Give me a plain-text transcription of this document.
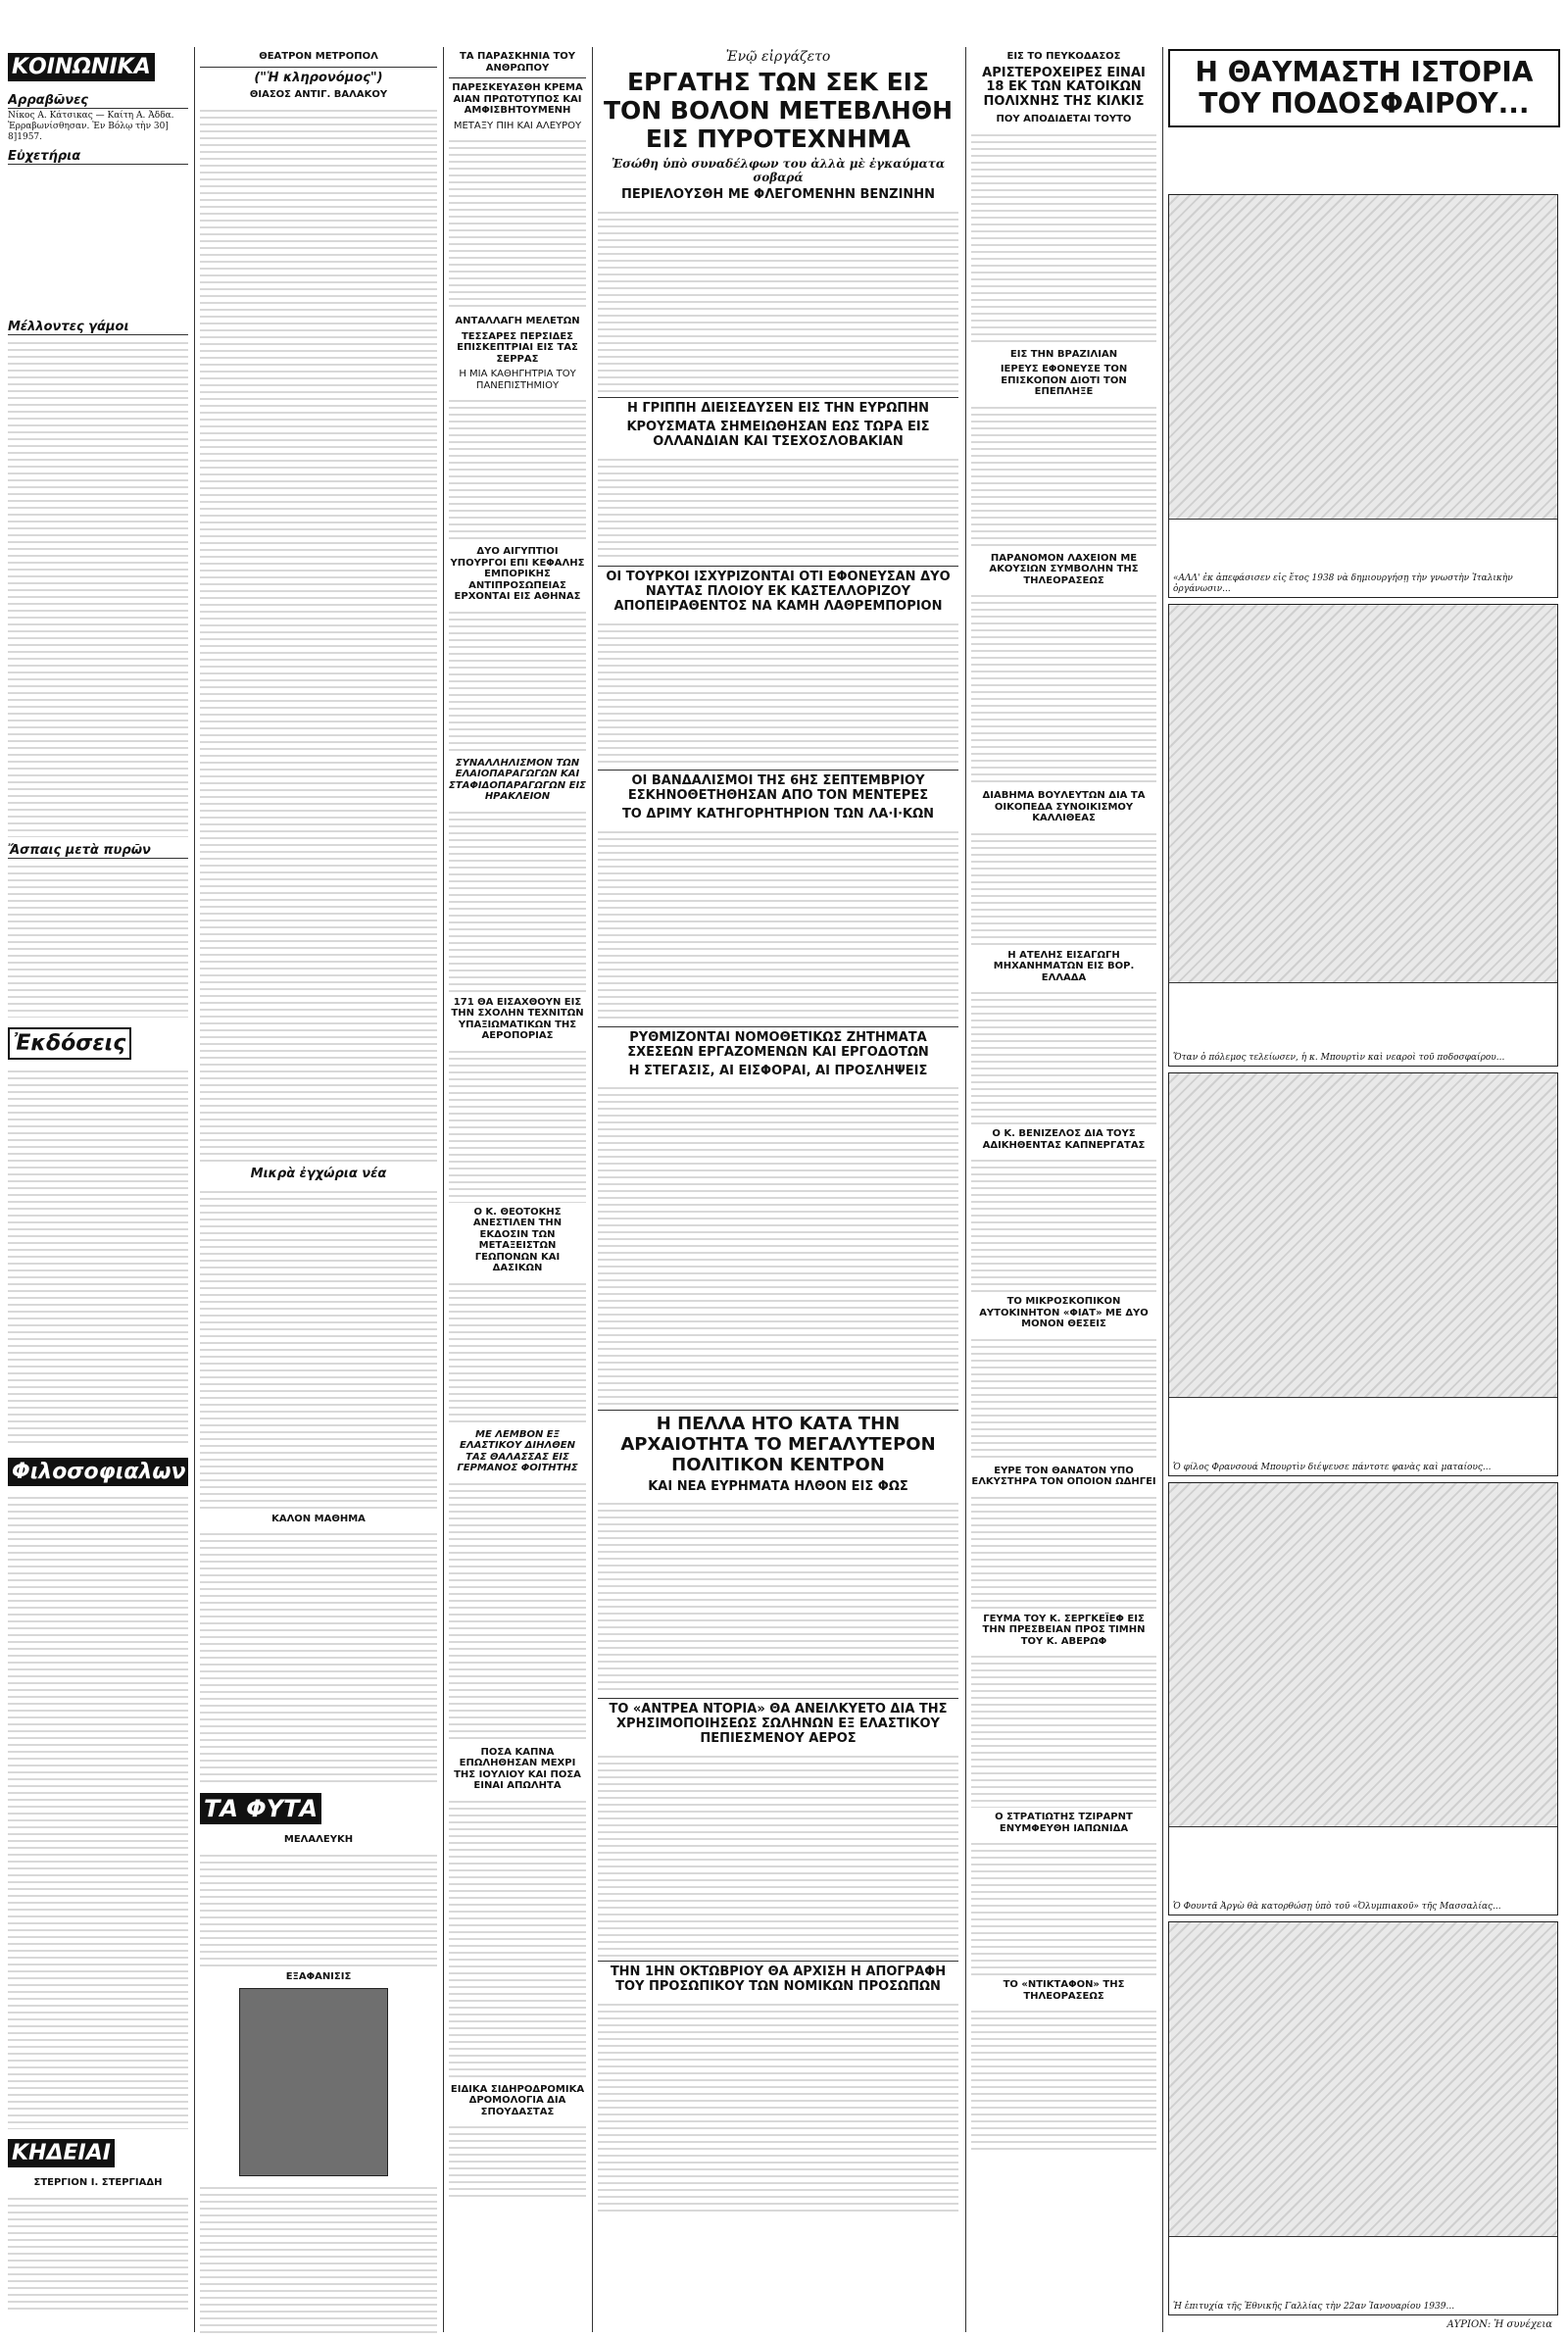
ΚΟΙΝΩΝΙΚΑ
Αρραβῶνες
Νίκος Α. Κάτσικας — Καίτη Α. Ἀδδα. Ἐρραβωνίσθησαν. Ἐν Βόλῳ τὴν 30] 8]1957.
Εὐχετήρια
Μέλλοντες γάμοι
Ἄσπαις μετὰ πυρῶν
Ἐκδόσεις
Φιλοσοφιαλων
ΚΗΔΕΙΑΙ
ΣΤΕΡΓΙΟΝ Ι. ΣΤΕΡΓΙΑΔΗ
ΘΕΑΤΡΟΝ ΜΕΤΡΟΠΟΛ
("Ἡ κληρονόμος")
ΘΙΑΣΟΣ ΑΝΤΙΓ. ΒΑΛΑΚΟΥ
Μικρὰ ἐγχώρια νέα
ΚΑΛΟΝ ΜΑΘΗΜΑ
ΤΑ ΦΥΤΑ
ΜΕΛΑΛΕΥΚΗ
ΕΞΑΦΑΝΙΣΙΣ
ΤΑ ΠΑΡΑΣΚΗΝΙΑ ΤΟΥ ΑΝΘΡΩΠΟΥ
ΠΑΡΕΣΚΕΥΑΣΘΗ ΚΡΕΜΑ ΑΙΑΝ ΠΡΩΤΟΤΥΠΟΣ ΚΑΙ ΑΜΦΙΣΒΗΤΟΥΜΕΝΗ
ΜΕΤΑΞΥ ΠΙΗ ΚΑΙ ΑΛΕΥΡΟΥ
ΑΝΤΑΛΛΑΓΗ ΜΕΛΕΤΩΝ
ΤΕΣΣΑΡΕΣ ΠΕΡΣΙΔΕΣ ΕΠΙΣΚΕΠΤΡΙΑΙ ΕΙΣ ΤΑΣ ΣΕΡΡΑΣ
Η ΜΙΑ ΚΑΘΗΓΗΤΡΙΑ ΤΟΥ ΠΑΝΕΠΙΣΤΗΜΙΟΥ
ΔΥΟ ΑΙΓΥΠΤΙΟΙ ΥΠΟΥΡΓΟΙ ΕΠΙ ΚΕΦΑΛΗΣ ΕΜΠΟΡΙΚΗΣ ΑΝΤΙΠΡΟΣΩΠΕΙΑΣ ΕΡΧΟΝΤΑΙ ΕΙΣ ΑΘΗΝΑΣ
ΣΥΝΑΛΛΗΛΙΣΜΟΝ ΤΩΝ ΕΛΑΙΟΠΑΡΑΓΩΓΩΝ ΚΑΙ ΣΤΑΦΙΔΟΠΑΡΑΓΩΓΩΝ ΕΙΣ ΗΡΑΚΛΕΙΟΝ
171 ΘΑ ΕΙΣΑΧΘΟΥΝ ΕΙΣ ΤΗΝ ΣΧΟΛΗΝ ΤΕΧΝΙΤΩΝ ΥΠΑΞΙΩΜΑΤΙΚΩΝ ΤΗΣ ΑΕΡΟΠΟΡΙΑΣ
Ο Κ. ΘΕΟΤΟΚΗΣ ΑΝΕΣΤΙΛΕΝ ΤΗΝ ΕΚΔΟΣΙΝ ΤΩΝ ΜΕΤΑΞΕΙΣΤΩΝ ΓΕΩΠΟΝΩΝ ΚΑΙ ΔΑΣΙΚΩΝ
ΜΕ ΛΕΜΒΟΝ ΕΞ ΕΛΑΣΤΙΚΟΥ ΔΙΗΛΘΕΝ ΤΑΣ ΘΑΛΑΣΣΑΣ ΕΙΣ ΓΕΡΜΑΝΟΣ ΦΟΙΤΗΤΗΣ
ΠΟΣΑ ΚΑΠΝΑ ΕΠΩΛΗΘΗΣΑΝ ΜΕΧΡΙ ΤΗΣ ΙΟΥΛΙΟΥ ΚΑΙ ΠΟΣΑ ΕΙΝΑΙ ΑΠΩΛΗΤΑ
ΕΙΔΙΚΑ ΣΙΔΗΡΟΔΡΟΜΙΚΑ ΔΡΟΜΟΛΟΓΙΑ ΔΙΑ ΣΠΟΥΔΑΣΤΑΣ
Ἐνῷ εἰργάζετο
ΕΡΓΑΤΗΣ ΤΩΝ ΣΕΚ ΕΙΣ ΤΟΝ ΒΟΛΟΝ ΜΕΤΕΒΛΗΘΗ ΕΙΣ ΠΥΡΟΤΕΧΝΗΜΑ
Ἐσώθη ὑπὸ συναδέλφων του ἀλλὰ μὲ ἐγκαύματα σοβαρά
ΠΕΡΙΕΛΟΥΣΘΗ ΜΕ ΦΛΕΓΟΜΕΝΗΝ ΒΕΝΖΙΝΗΝ
Η ΓΡΙΠΠΗ ΔΙΕΙΣΕΔΥΣΕΝ ΕΙΣ ΤΗΝ ΕΥΡΩΠΗΝ
ΚΡΟΥΣΜΑΤΑ ΣΗΜΕΙΩΘΗΣΑΝ ΕΩΣ ΤΩΡΑ ΕΙΣ ΟΛΛΑΝΔΙΑΝ ΚΑΙ ΤΣΕΧΟΣΛΟΒΑΚΙΑΝ
ΟΙ ΤΟΥΡΚΟΙ ΙΣΧΥΡΙΖΟΝΤΑΙ ΟΤΙ ΕΦΟΝΕΥΣΑΝ ΔΥΟ ΝΑΥΤΑΣ ΠΛΟΙΟΥ ΕΚ ΚΑΣΤΕΛΛΟΡΙΖΟΥ ΑΠΟΠΕΙΡΑΘΕΝΤΟΣ ΝΑ ΚΑΜΗ ΛΑΘΡΕΜΠΟΡΙΟΝ
ΟΙ ΒΑΝΔΑΛΙΣΜΟΙ ΤΗΣ 6ΗΣ ΣΕΠΤΕΜΒΡΙΟΥ ΕΣΚΗΝΟΘΕΤΗΘΗΣΑΝ ΑΠΟ ΤΟΝ ΜΕΝΤΕΡΕΣ
ΤΟ ΔΡΙΜΥ ΚΑΤΗΓΟΡΗΤΗΡΙΟΝ ΤΩΝ ΛΑ·Ι·ΚΩΝ
ΡΥΘΜΙΖΟΝΤΑΙ ΝΟΜΟΘΕΤΙΚΩΣ ΖΗΤΗΜΑΤΑ ΣΧΕΣΕΩΝ ΕΡΓΑΖΟΜΕΝΩΝ ΚΑΙ ΕΡΓΟΔΟΤΩΝ
Η ΣΤΕΓΑΣΙΣ, ΑΙ ΕΙΣΦΟΡΑΙ, ΑΙ ΠΡΟΣΛΗΨΕΙΣ
Η ΠΕΛΛΑ ΗΤΟ ΚΑΤΑ ΤΗΝ ΑΡΧΑΙΟΤΗΤΑ ΤΟ ΜΕΓΑΛΥΤΕΡΟΝ ΠΟΛΙΤΙΚΟΝ ΚΕΝΤΡΟΝ
ΚΑΙ ΝΕΑ ΕΥΡΗΜΑΤΑ ΗΛΘΟΝ ΕΙΣ ΦΩΣ
ΤΟ «ΑΝΤΡΕΑ ΝΤΟΡΙΑ» ΘΑ ΑΝΕΙΛΚΥΕΤΟ ΔΙΑ ΤΗΣ ΧΡΗΣΙΜΟΠΟΙΗΣΕΩΣ ΣΩΛΗΝΩΝ ΕΞ ΕΛΑΣΤΙΚΟΥ ΠΕΠΙΕΣΜΕΝΟΥ ΑΕΡΟΣ
ΤΗΝ 1ΗΝ ΟΚΤΩΒΡΙΟΥ ΘΑ ΑΡΧΙΣΗ Η ΑΠΟΓΡΑΦΗ ΤΟΥ ΠΡΟΣΩΠΙΚΟΥ ΤΩΝ ΝΟΜΙΚΩΝ ΠΡΟΣΩΠΩΝ
ΕΙΣ ΤΟ ΠΕΥΚΟΔΑΣΟΣ
ΑΡΙΣΤΕΡΟΧΕΙΡΕΣ ΕΙΝΑΙ 18 ΕΚ ΤΩΝ ΚΑΤΟΙΚΩΝ ΠΟΛΙΧΝΗΣ ΤΗΣ ΚΙΛΚΙΣ
ΠΟΥ ΑΠΟΔΙΔΕΤΑΙ ΤΟΥΤΟ
ΕΙΣ ΤΗΝ ΒΡΑΖΙΛΙΑΝ
ΙΕΡΕΥΣ ΕΦΟΝΕΥΣΕ ΤΟΝ ΕΠΙΣΚΟΠΟΝ ΔΙΟΤΙ ΤΟΝ ΕΠΕΠΛΗΞΕ
ΠΑΡΑΝΟΜΟΝ ΛΑΧΕΙΟΝ ΜΕ ΑΚΟΥΣΙΩΝ ΣΥΜΒΟΛΗΝ ΤΗΣ ΤΗΛΕΟΡΑΣΕΩΣ
ΔΙΑΒΗΜΑ ΒΟΥΛΕΥΤΩΝ ΔΙΑ ΤΑ ΟΙΚΟΠΕΔΑ ΣΥΝΟΙΚΙΣΜΟΥ ΚΑΛΛΙΘΕΑΣ
Η ΑΤΕΛΗΣ ΕΙΣΑΓΩΓΗ ΜΗΧΑΝΗΜΑΤΩΝ ΕΙΣ ΒΟΡ. ΕΛΛΑΔΑ
Ο Κ. ΒΕΝΙΖΕΛΟΣ ΔΙΑ ΤΟΥΣ ΑΔΙΚΗΘΕΝΤΑΣ ΚΑΠΝΕΡΓΑΤΑΣ
ΤΟ ΜΙΚΡΟΣΚΟΠΙΚΟΝ ΑΥΤΟΚΙΝΗΤΟΝ «ΦΙΑΤ» ΜΕ ΔΥΟ ΜΟΝΟΝ ΘΕΣΕΙΣ
ΕΥΡΕ ΤΟΝ ΘΑΝΑΤΟΝ ΥΠΟ ΕΛΚΥΣΤΗΡΑ ΤΟΝ ΟΠΟΙΟΝ ΩΔΗΓΕΙ
ΓΕΥΜΑ ΤΟΥ Κ. ΣΕΡΓΚΕΪΕΦ ΕΙΣ ΤΗΝ ΠΡΕΣΒΕΙΑΝ ΠΡΟΣ ΤΙΜΗΝ ΤΟΥ Κ. ΑΒΕΡΩΦ
Ο ΣΤΡΑΤΙΩΤΗΣ ΤΖΙΡΑΡΝΤ ΕΝΥΜΦΕΥΘΗ ΙΑΠΩΝΙΔΑ
ΤΟ «ΝΤΙΚΤΑΦΟΝ» ΤΗΣ ΤΗΛΕΟΡΑΣΕΩΣ
Η ΘΑΥΜΑΣΤΗ ΙΣΤΟΡΙΑ ΤΟΥ ΠΟΔΟΣΦΑΙΡΟΥ...
«ΑΛΛ' ἐκ ἀπεφάσισεν εἰς ἔτος 1938 νὰ δημιουργήσῃ τὴν γνωστὴν Ἰταλικὴν ὀργάνωσιν...
Ὅταν ὁ πόλεμος τελείωσεν, ἡ κ. Μπουρτὶν καὶ νεαροὶ τοῦ ποδοσφαίρου...
Ὁ φίλος Φρανσουά Μπουρτὶν διέψευσε πάντοτε φανὰς καὶ ματαίους...
Ὁ Φουντᾶ Ἀργὼ θὰ κατορθώσῃ ὑπὸ τοῦ «Ὀλυμπιακοῦ» τῆς Μασσαλίας...
Ἡ ἐπιτυχία τῆς Ἐθνικῆς Γαλλίας τὴν 22αν Ἰανουαρίου 1939...
ΑΥΡΙΟΝ: Ἡ συνέχεια
